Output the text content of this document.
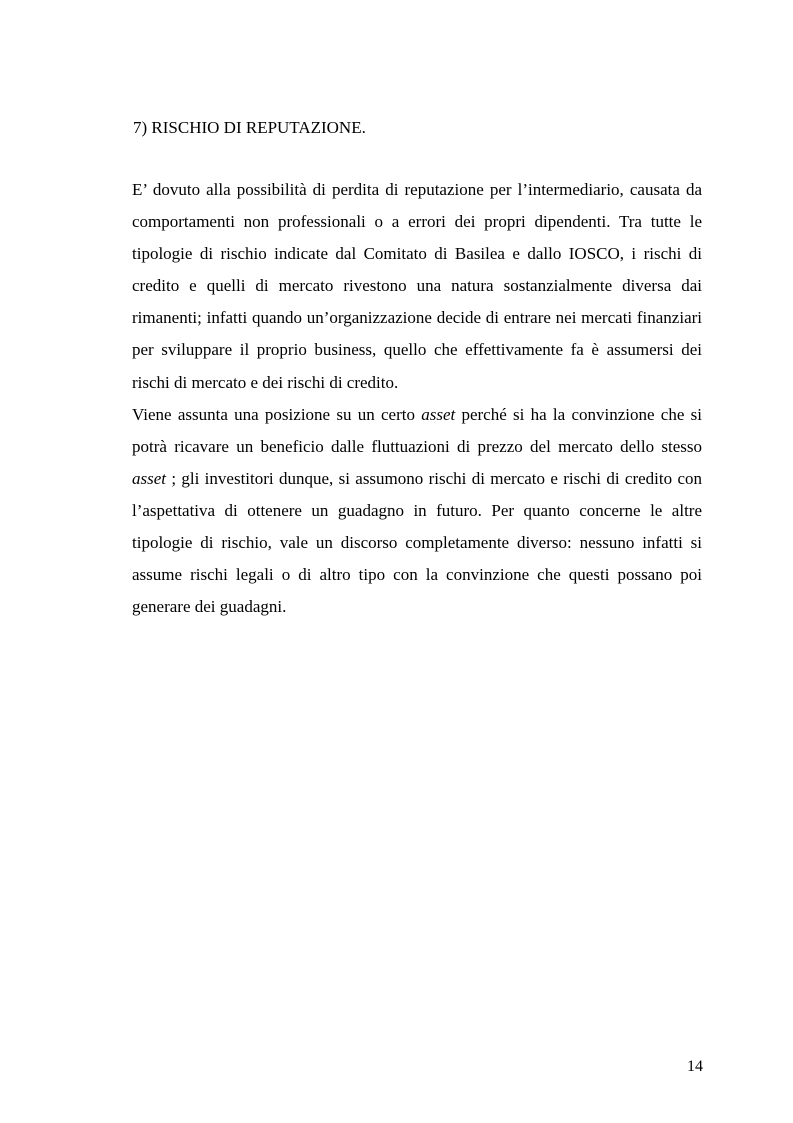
7) RISCHIO DI REPUTAZIONE.

E’ dovuto alla possibilità di perdita di reputazione per l’intermediario, causata da comportamenti non professionali o a errori dei propri dipendenti. Tra tutte le tipologie di rischio indicate dal Comitato di Basilea e dallo IOSCO, i rischi di credito e quelli di mercato rivestono una natura sostanzialmente diversa dai rimanenti; infatti quando un’organizzazione decide di entrare nei mercati finanziari per sviluppare il proprio business, quello che effettivamente fa è assumersi dei rischi di mercato e dei rischi di credito.

Viene assunta una posizione su un certo asset perché si ha la convinzione che si potrà ricavare un beneficio dalle fluttuazioni di prezzo del mercato dello stesso asset ; gli investitori dunque, si assumono rischi di mercato e rischi di credito con l’aspettativa di ottenere un guadagno in futuro. Per quanto concerne le altre tipologie di rischio, vale un discorso completamente diverso: nessuno infatti si assume rischi legali o di altro tipo con la convinzione che questi possano poi generare dei guadagni.

14
